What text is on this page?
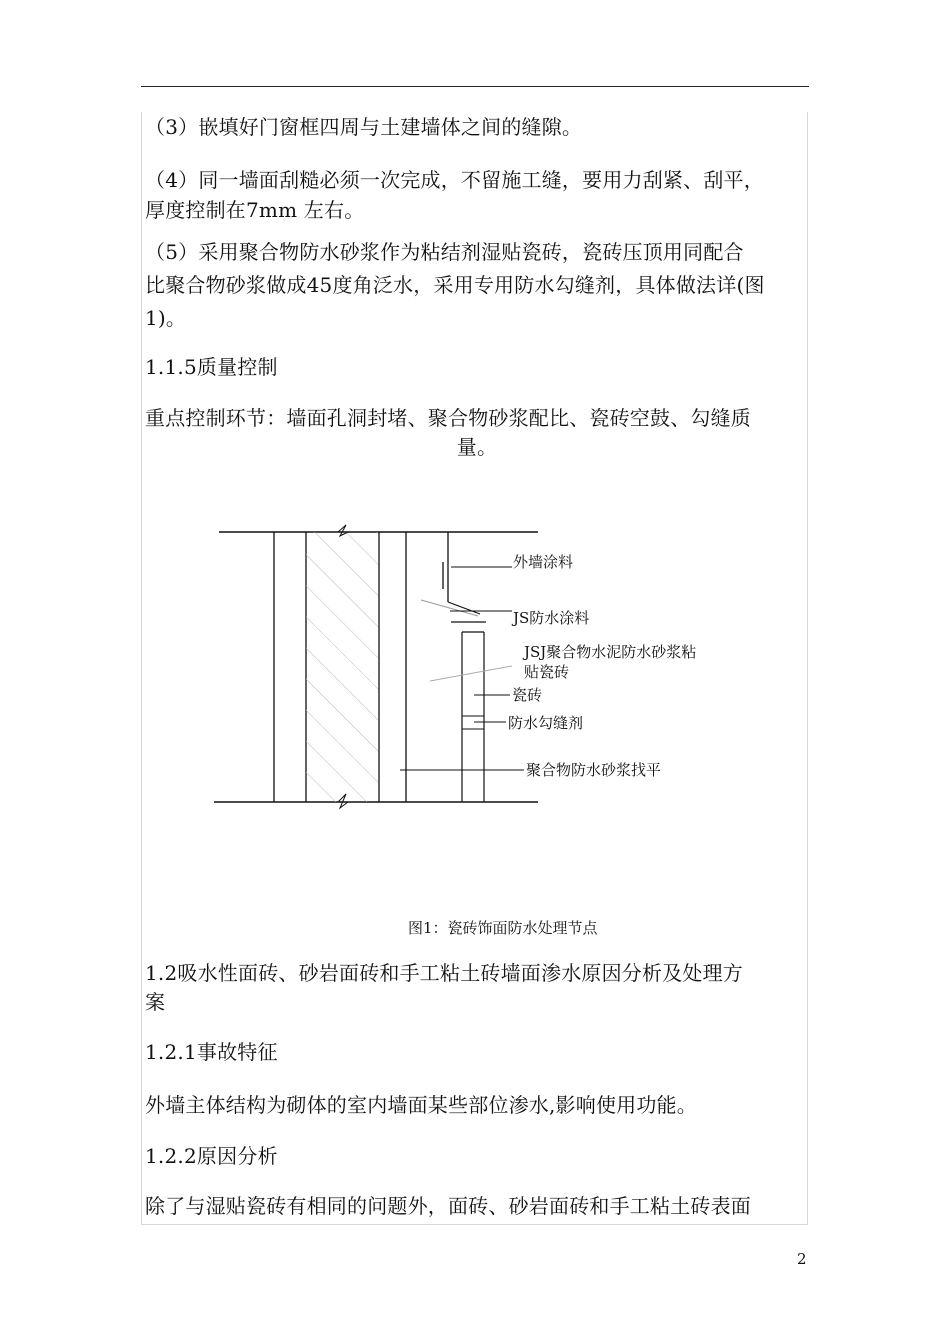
（3）嵌填好门窗框四周与土建墙体之间的缝隙。
（4）同一墙面刮糙必须一次完成，不留施工缝，要用力刮紧、刮平，
厚度控制在7mm 左右。
（5）采用聚合物防水砂浆作为粘结剂湿贴瓷砖，瓷砖压顶用同配合
比聚合物砂浆做成45度角泛水，采用专用防水勾缝剂，具体做法详(图
1)。
1.1.5质量控制
重点控制环节：墙面孔洞封堵、聚合物砂浆配比、瓷砖空鼓、勾缝质
量。
外墙涂料
JS防水涂料
JSJ聚合物水泥防水砂浆粘
贴瓷砖
瓷砖
防水勾缝剂
聚合物防水砂浆找平
图1：瓷砖饰面防水处理节点
1.2吸水性面砖、砂岩面砖和手工粘土砖墙面渗水原因分析及处理方
案
1.2.1事故特征
外墙主体结构为砌体的室内墙面某些部位渗水,影响使用功能。
1.2.2原因分析
除了与湿贴瓷砖有相同的问题外，面砖、砂岩面砖和手工粘土砖表面
2
